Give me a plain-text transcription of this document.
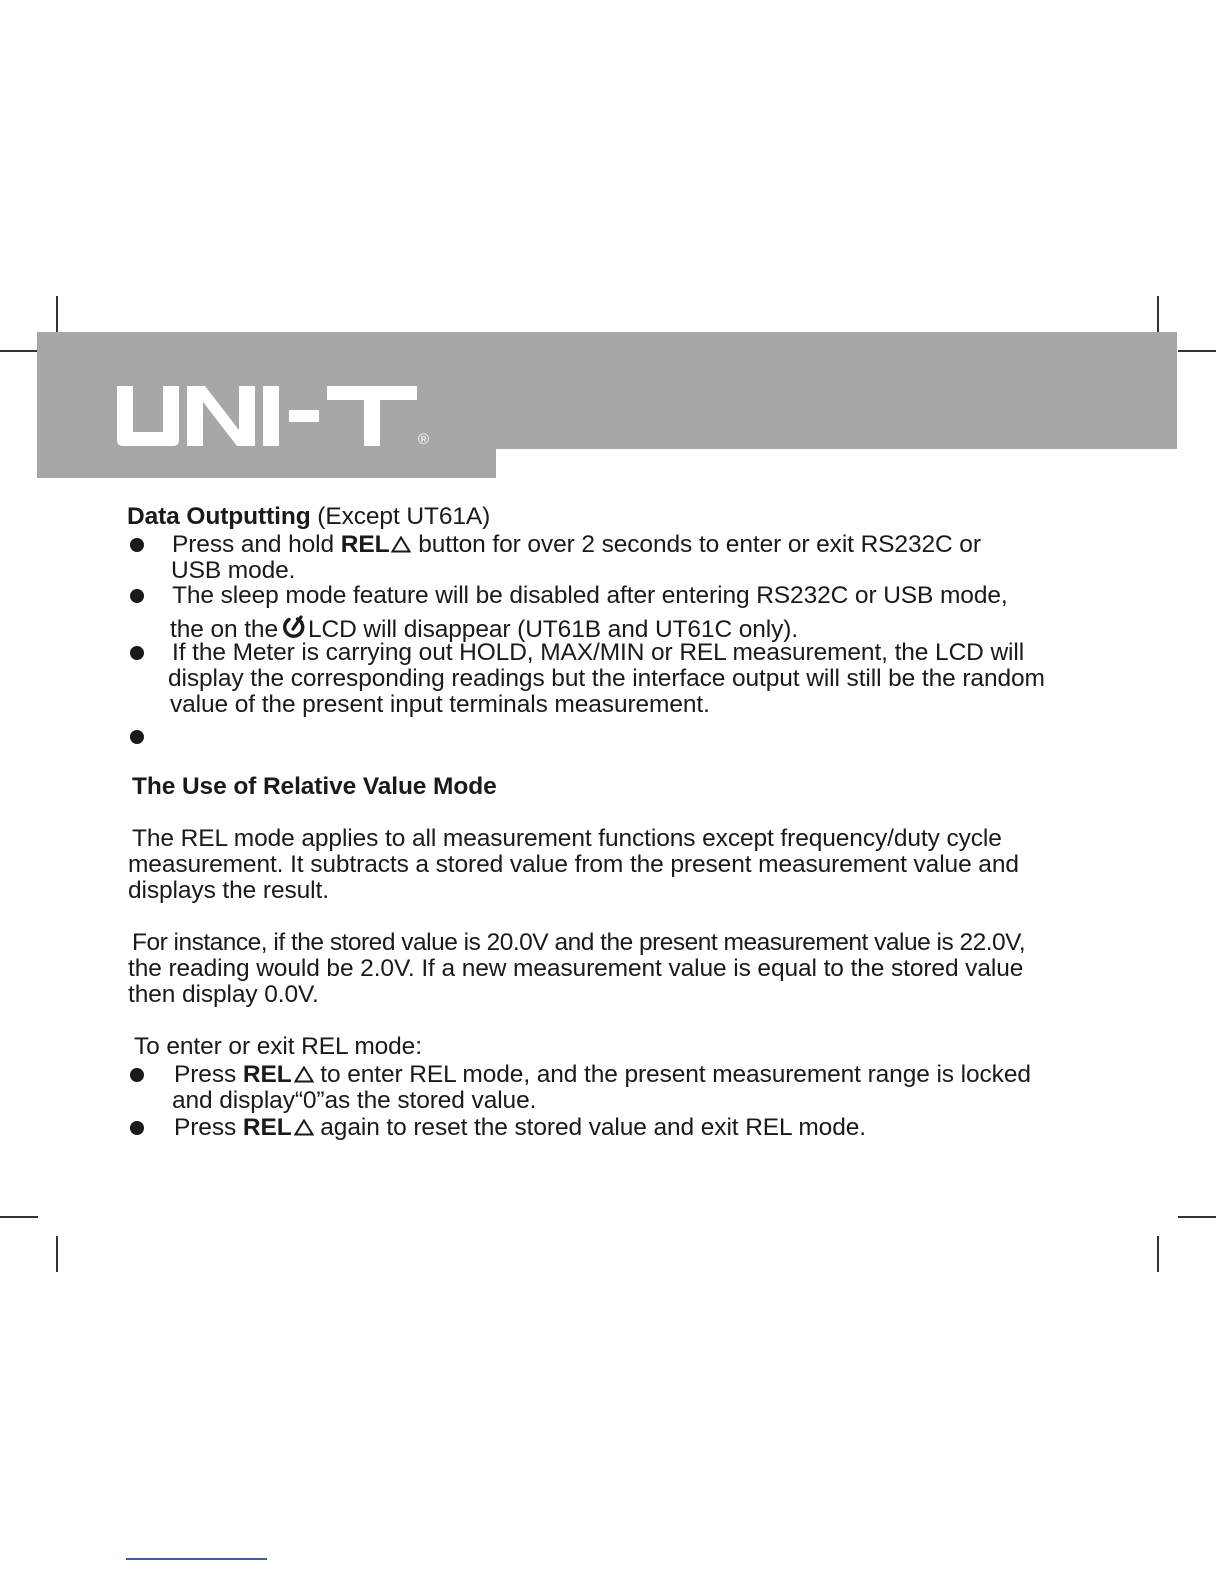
®
Data Outputting (Except UT61A)
Press and hold REL button for over 2 seconds to enter or exit RS232C or
USB mode.
The sleep mode feature will be disabled after entering RS232C or USB mode,
the on the LCD will disappear (UT61B and UT61C only).
If the Meter is carrying out HOLD, MAX/MIN or REL measurement, the LCD will
display the corresponding readings but the interface output will still be the random
value of the present input terminals measurement.
The Use of Relative Value Mode
The REL mode applies to all measurement functions except frequency/duty cycle
measurement. It subtracts a stored value from the present measurement value and
displays the result.
For instance, if the stored value is 20.0V and the present measurement value is 22.0V,
the reading would be 2.0V. If a new measurement value is equal to the stored value
then display 0.0V.
To enter or exit REL mode:
Press REL to enter REL mode, and the present measurement range is locked
and display“0”as the stored value.
Press REL again to reset the stored value and exit REL mode.
